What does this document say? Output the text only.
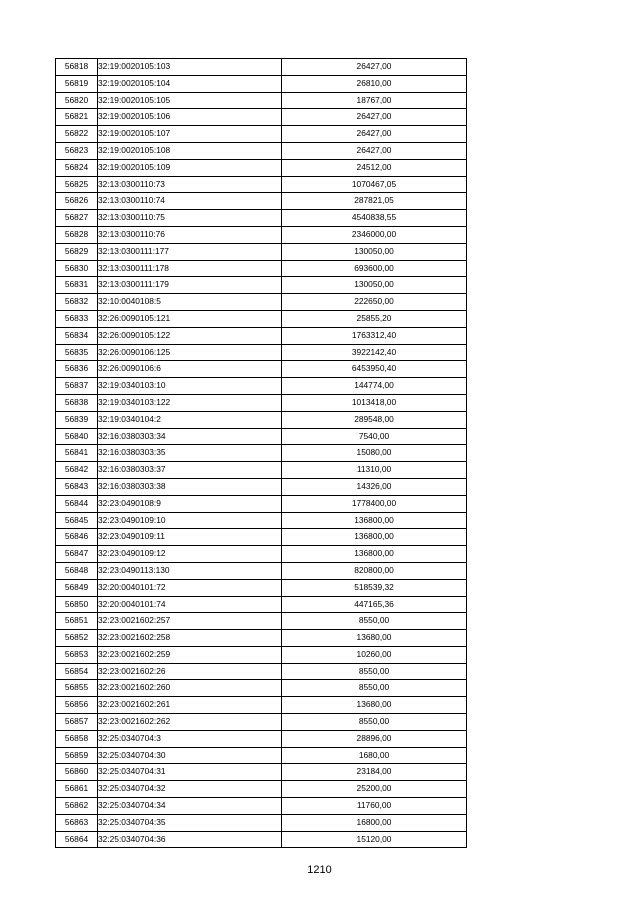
56818	32:19:0020105:103	26427,00
56819	32:19:0020105:104	26810,00
56820	32:19:0020105:105	18767,00
56821	32:19:0020105:106	26427,00
56822	32:19:0020105:107	26427,00
56823	32:19:0020105:108	26427,00
56824	32:19:0020105:109	24512,00
56825	32:13:0300110:73	1070467,05
56826	32:13:0300110:74	287821,05
56827	32:13:0300110:75	4540838,55
56828	32:13:0300110:76	2346000,00
56829	32:13:0300111:177	130050,00
56830	32:13:0300111:178	693600,00
56831	32:13:0300111:179	130050,00
56832	32:10:0040108:5	222650,00
56833	32:26:0090105:121	25855,20
56834	32:26:0090105:122	1763312,40
56835	32:26:0090106:125	3922142,40
56836	32:26:0090106:6	6453950,40
56837	32:19:0340103:10	144774,00
56838	32:19:0340103:122	1013418,00
56839	32:19:0340104:2	289548,00
56840	32:16:0380303:34	7540,00
56841	32:16:0380303:35	15080,00
56842	32:16:0380303:37	11310,00
56843	32:16:0380303:38	14326,00
56844	32:23:0490108:9	1778400,00
56845	32:23:0490109:10	136800,00
56846	32:23:0490109:11	136800,00
56847	32:23:0490109:12	136800,00
56848	32:23:0490113:130	820800,00
56849	32:20:0040101:72	518539,32
56850	32:20:0040101:74	447165,36
56851	32:23:0021602:257	8550,00
56852	32:23:0021602:258	13680,00
56853	32:23:0021602:259	10260,00
56854	32:23:0021602:26	8550,00
56855	32:23:0021602:260	8550,00
56856	32:23:0021602:261	13680,00
56857	32:23:0021602:262	8550,00
56858	32:25:0340704:3	28896,00
56859	32:25:0340704:30	1680,00
56860	32:25:0340704:31	23184,00
56861	32:25:0340704:32	25200,00
56862	32:25:0340704:34	11760,00
56863	32:25:0340704:35	16800,00
56864	32:25:0340704:36	15120,00
1210
